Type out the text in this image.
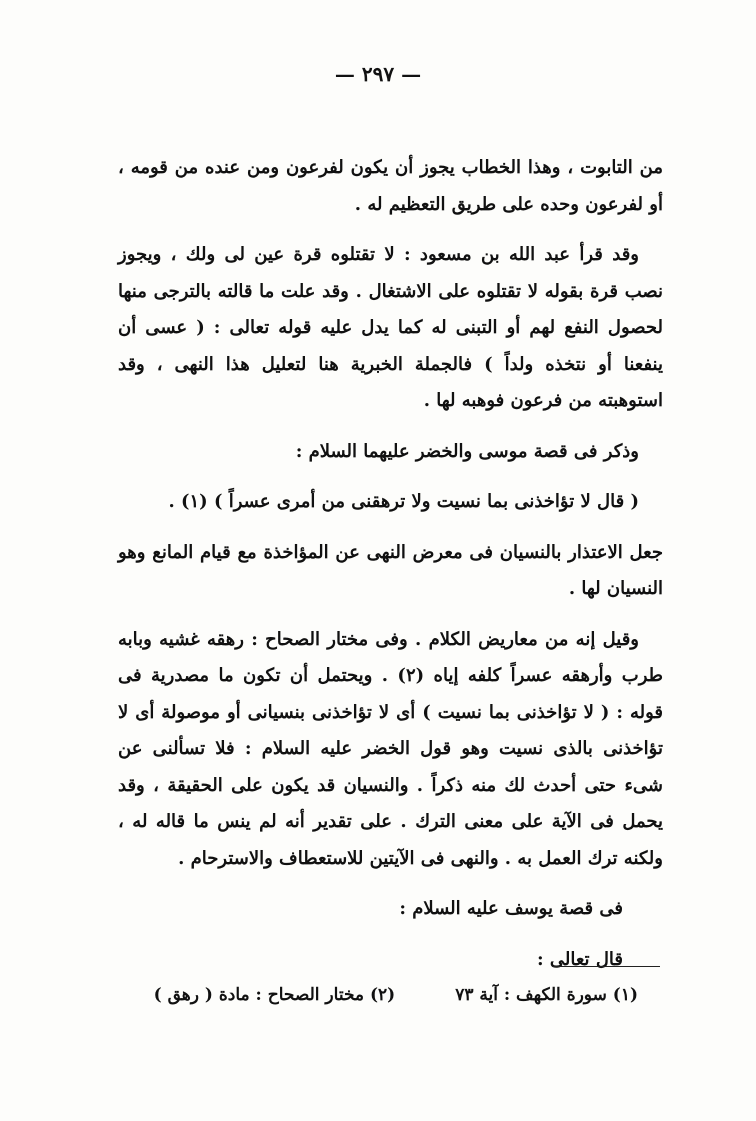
— ٢٩٧ —

من التابوت ، وهذا الخطاب يجوز أن يكون لفرعون ومن عنده من قومه ، أو لفرعون وحده على طريق التعظيم له .

وقد قرأ عبد الله بن مسعود : لا تقتلوه قرة عين لى ولك ، ويجوز نصب قرة بقوله لا تقتلوه على الاشتغال . وقد علت ما قالته بالترجى منها لحصول النفع لهم أو التبنى له كما يدل عليه قوله تعالى : ( عسى أن ينفعنا أو نتخذه ولداً ) فالجملة الخبرية هنا لتعليل هذا النهى ، وقد استوهبته من فرعون فوهبه لها .

وذكر فى قصة موسى والخضر عليهما السلام :

( قال لا تؤاخذنى بما نسيت ولا ترهقنى من أمرى عسراً ) (١) .

جعل الاعتذار بالنسيان فى معرض النهى عن المؤاخذة مع قيام المانع وهو النسيان لها .

وقيل إنه من معاريض الكلام . وفى مختار الصحاح : رهقه غشيه وبابه طرب وأرهقه عسراً كلفه إياه (٢) . ويحتمل أن تكون ما مصدرية فى قوله : ( لا تؤاخذنى بما نسيت ) أى لا تؤاخذنى بنسيانى أو موصولة أى لا تؤاخذنى بالذى نسيت وهو قول الخضر عليه السلام : فلا تسألنى عن شىء حتى أحدث لك منه ذكراً . والنسيان قد يكون على الحقيقة ، وقد يحمل فى الآية على معنى الترك . على تقدير أنه لم ينس ما قاله له ، ولكنه ترك العمل به . والنهى فى الآيتين للاستعطاف والاسترحام .

فى قصة يوسف عليه السلام :

قال تعالى :

(١) سورة الكهف : آية ٧٣
(٢) مختار الصحاح : مادة ( رهق )
